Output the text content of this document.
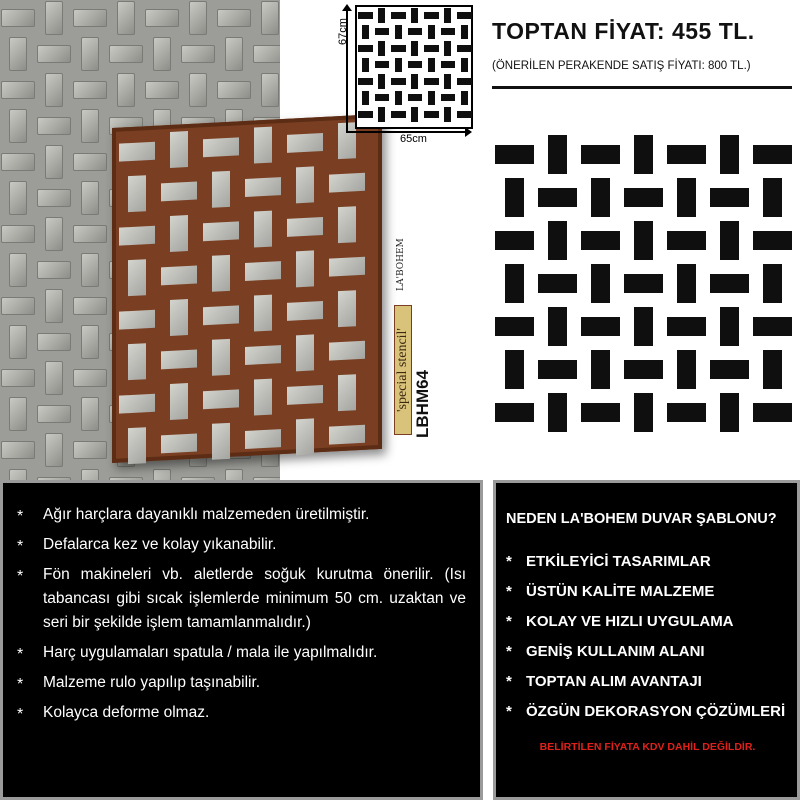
LA'BOHEM
'special stencil' LBHM64
67cm
65cm
TOPTAN FİYAT: 455 TL.
(ÖNERİLEN PERAKENDE SATIŞ FİYATI: 800 TL.)
* Ağır harçlara dayanıklı malzemeden üretilmiştir.
* Defalarca kez ve kolay yıkanabilir.
* Fön makineleri vb. aletlerde soğuk kurutma önerilir. (Isı tabancası gibi sıcak işlemlerde minimum 50 cm. uzaktan ve seri bir şekilde işlem tamamlanmalıdır.)
* Harç uygulamaları spatula / mala ile yapılmalıdır.
* Malzeme rulo yapılıp taşınabilir.
* Kolayca deforme olmaz.
NEDEN LA'BOHEM DUVAR ŞABLONU?
* ETKİLEYİCİ TASARIMLAR
* ÜSTÜN KALİTE MALZEME
* KOLAY VE HIZLI UYGULAMA
* GENİŞ KULLANIM ALANI
* TOPTAN ALIM AVANTAJI
* ÖZGÜN DEKORASYON ÇÖZÜMLERİ
BELİRTİLEN FİYATA KDV DAHİL DEĞİLDİR.
